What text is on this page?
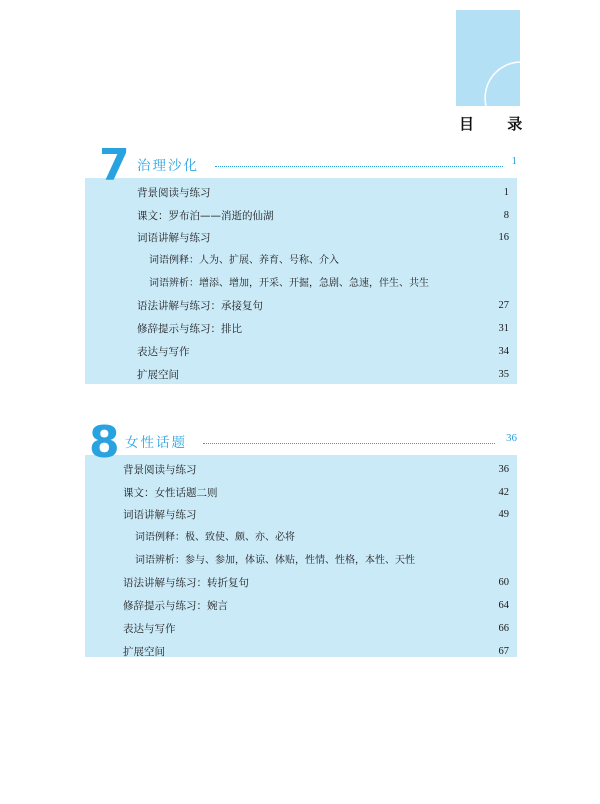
目 录
7 治理沙化	1
背景阅读与练习	1
课文：罗布泊——消逝的仙湖	8
词语讲解与练习	16
词语例释：人为、扩展、养育、号称、介入
词语辨析：增添、增加，开采、开掘，急剧、急速，伴生、共生
语法讲解与练习：承接复句	27
修辞提示与练习：排比	31
表达与写作	34
扩展空间	35
8 女性话题	36
背景阅读与练习	36
课文：女性话题二则	42
词语讲解与练习	49
词语例释：极、致使、颇、亦、必将
词语辨析：参与、参加，体谅、体贴，性情、性格，本性、天性
语法讲解与练习：转折复句	60
修辞提示与练习：婉言	64
表达与写作	66
扩展空间	67
